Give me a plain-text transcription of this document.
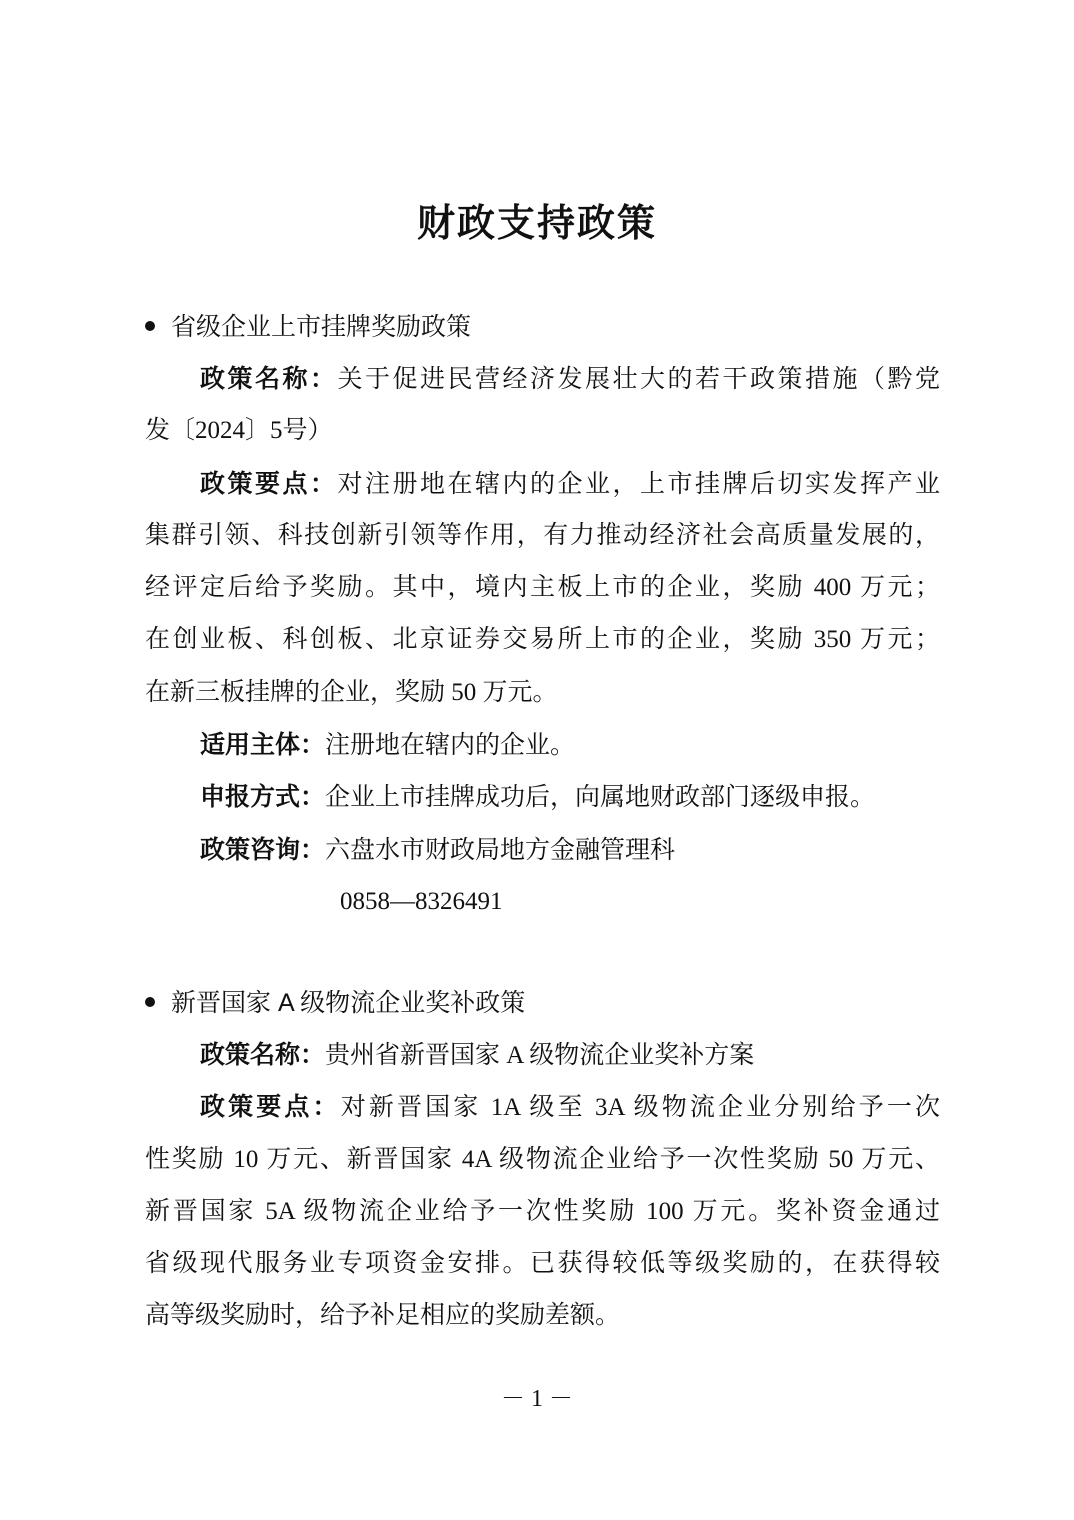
财政支持政策
省级企业上市挂牌奖励政策
政策名称：关于促进民营经济发展壮大的若干政策措施（黔党
发〔2024〕5号）
政策要点：对注册地在辖内的企业，上市挂牌后切实发挥产业
集群引领、科技创新引领等作用，有力推动经济社会高质量发展的，
经评定后给予奖励。其中，境内主板上市的企业，奖励 400 万元；
在创业板、科创板、北京证券交易所上市的企业，奖励 350 万元；
在新三板挂牌的企业，奖励 50 万元。
适用主体：注册地在辖内的企业。
申报方式：企业上市挂牌成功后，向属地财政部门逐级申报。
政策咨询：六盘水市财政局地方金融管理科
0858—8326491
新晋国家 A 级物流企业奖补政策
政策名称：贵州省新晋国家 A 级物流企业奖补方案
政策要点：对新晋国家 1A 级至 3A 级物流企业分别给予一次
性奖励 10 万元、新晋国家 4A 级物流企业给予一次性奖励 50 万元、
新晋国家 5A 级物流企业给予一次性奖励 100 万元。奖补资金通过
省级现代服务业专项资金安排。已获得较低等级奖励的，在获得较
高等级奖励时，给予补足相应的奖励差额。
－ 1 －
